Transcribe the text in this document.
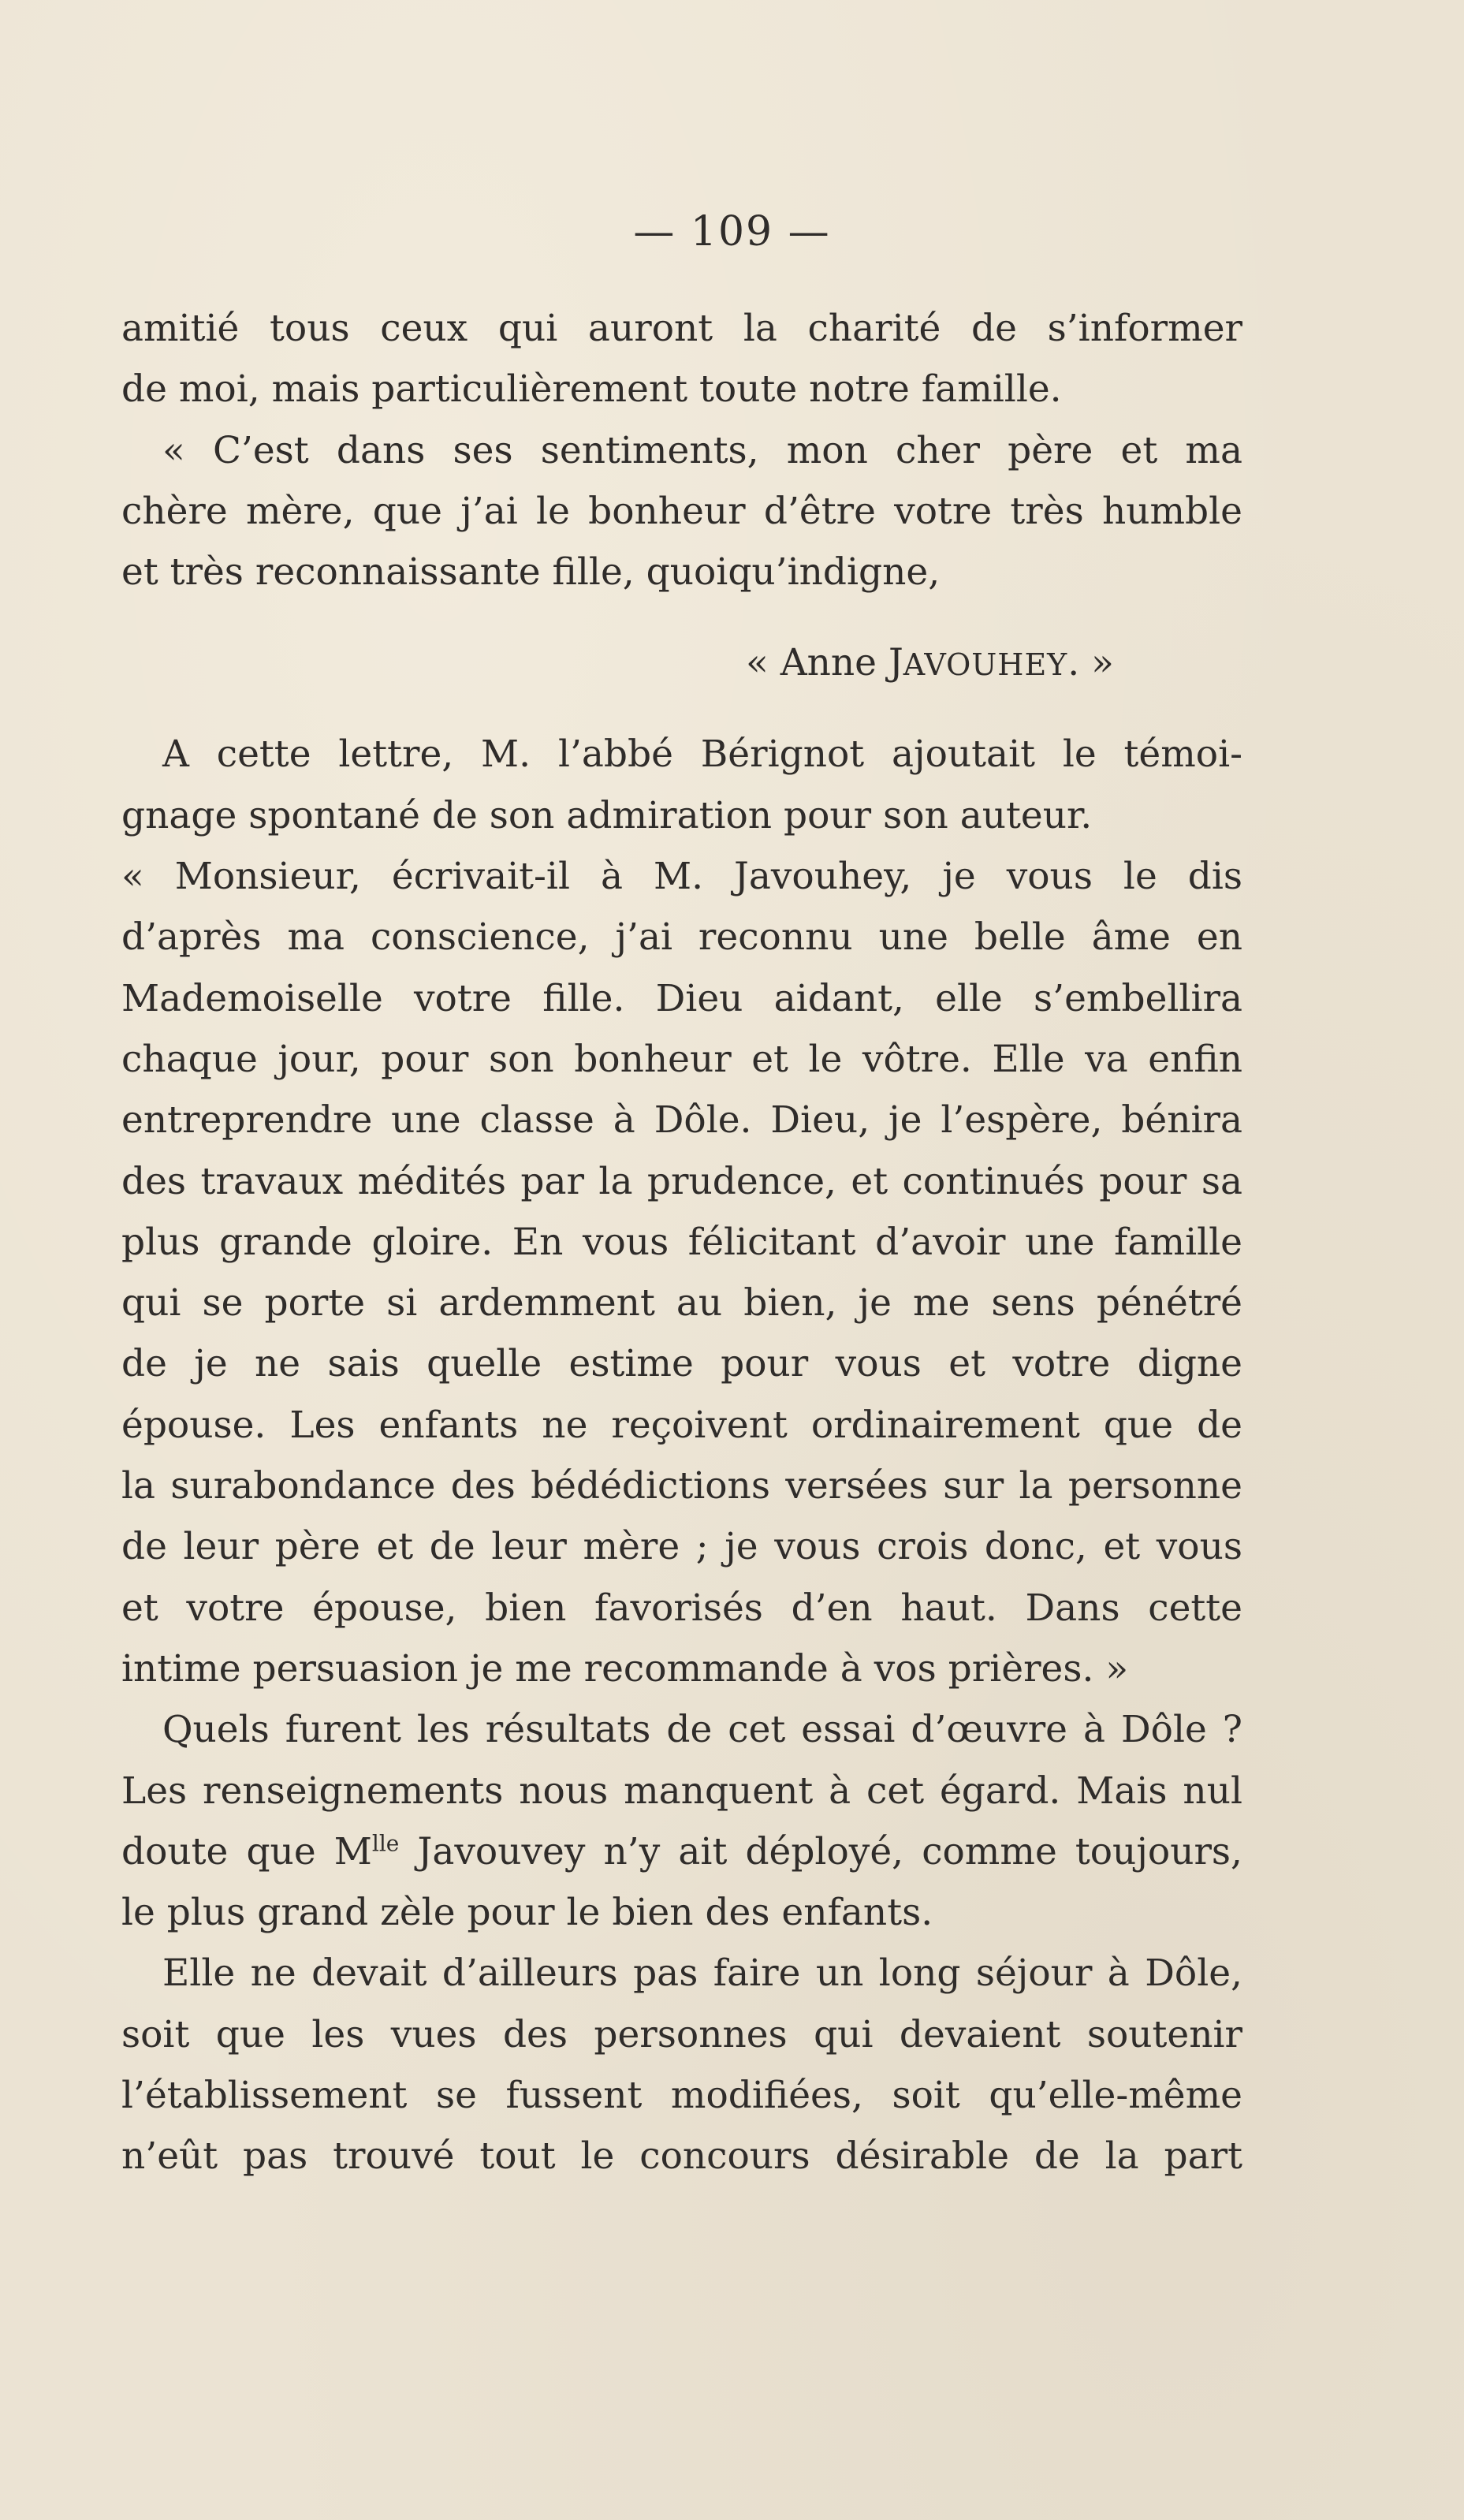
— 109 —
amitié tous ceux qui auront la charité de s’informer
de moi, mais particulièrement toute notre famille.
« C’est dans ses sentiments, mon cher père et ma
chère mère, que j’ai le bonheur d’être votre très humble
et très reconnaissante fille, quoiqu’indigne,
« Anne JAVOUHEY. »
A cette lettre, M. l’abbé Bérignot ajoutait le témoi-
gnage spontané de son admiration pour son auteur.
« Monsieur, écrivait-il à M. Javouhey, je vous le dis
d’après ma conscience, j’ai reconnu une belle âme en
Mademoiselle votre fille. Dieu aidant, elle s’embellira
chaque jour, pour son bonheur et le vôtre. Elle va enfin
entreprendre une classe à Dôle. Dieu, je l’espère, bénira
des travaux médités par la prudence, et continués pour sa
plus grande gloire. En vous félicitant d’avoir une famille
qui se porte si ardemment au bien, je me sens pénétré
de je ne sais quelle estime pour vous et votre digne
épouse. Les enfants ne reçoivent ordinairement que de
la surabondance des bédédictions versées sur la personne
de leur père et de leur mère ; je vous crois donc, et vous
et votre épouse, bien favorisés d’en haut. Dans cette
intime persuasion je me recommande à vos prières. »
Quels furent les résultats de cet essai d’œuvre à Dôle ?
Les renseignements nous manquent à cet égard. Mais nul
doute que $M^{lle}$ Javouvey n’y ait déployé, comme toujours,
le plus grand zèle pour le bien des enfants.
Elle ne devait d’ailleurs pas faire un long séjour à Dôle,
soit que les vues des personnes qui devaient soutenir
l’établissement se fussent modifiées, soit qu’elle-même
n’eût pas trouvé tout le concours désirable de la part
